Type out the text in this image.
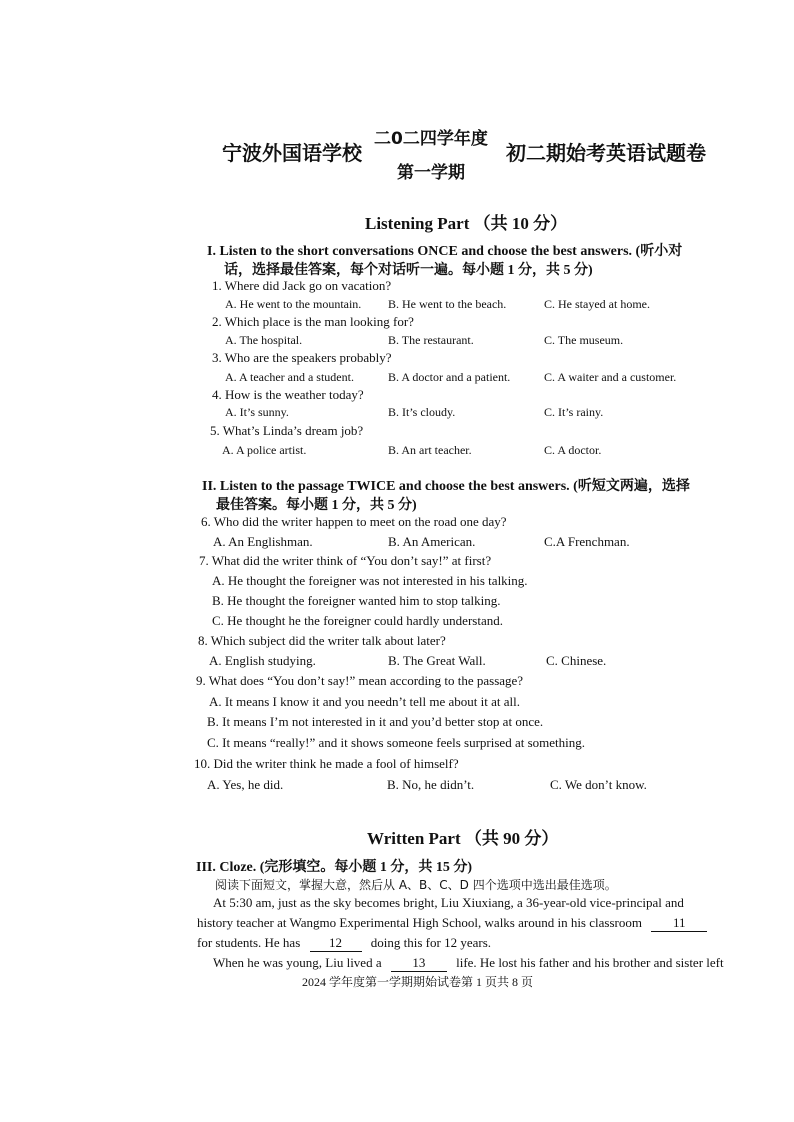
宁波外国语学校
二0二四学年度
第一学期
初二期始考英语试题卷
Listening Part （共 10 分）
I. Listen to the short conversations ONCE and choose the best answers. (听小对
话，选择最佳答案，每个对话听一遍。每小题 1 分，共 5 分)
1. Where did Jack go on vacation?
A. He went to the mountain. B. He went to the beach.	C. He stayed at home.
2. Which place is the man looking for?
A. The hospital.	B. The restaurant.	C. The museum.
3. Who are the speakers probably?
A. A teacher and a student.	B. A doctor and a patient.	C. A waiter and a customer.
4. How is the weather today?
A. It’s sunny.	B. It’s cloudy.	C. It’s rainy.
5. What’s Linda’s dream job?
A. A police artist.	B. An art teacher.	C. A doctor.
II. Listen to the passage TWICE and choose the best answers. (听短文两遍，选择
最佳答案。每小题 1 分，共 5 分)
6. Who did the writer happen to meet on the road one day?
A. An Englishman.	B. An American.	C.A Frenchman.
7. What did the writer think of “You don’t say!” at first?
A. He thought the foreigner was not interested in his talking.
B. He thought the foreigner wanted him to stop talking.
C. He thought he the foreigner could hardly understand.
8. Which subject did the writer talk about later?
A. English studying.	B. The Great Wall.	C. Chinese.
9. What does “You don’t say!” mean according to the passage?
A. It means I know it and you needn’t tell me about it at all.
B. It means I’m not interested in it and you’d better stop at once.
C. It means “really!” and it shows someone feels surprised at something.
10. Did the writer think he made a fool of himself?
A. Yes, he did.	B. No, he didn’t.	C. We don’t know.
Written Part （共 90 分）
III. Cloze. (完形填空。每小题 1 分，共 15 分)
阅读下面短文，掌握大意，然后从 A、B、C、D 四个选项中选出最佳选项。
At 5:30 am, just as the sky becomes bright, Liu Xiuxiang, a 36-year-old vice-principal and
history teacher at Wangmo Experimental High School, walks around in his classroom 11
for students. He has 12 doing this for 12 years.
When he was young, Liu lived a 13 life. He lost his father and his brother and sister left
2024 学年度第一学期期始试卷第 1 页共 8 页
